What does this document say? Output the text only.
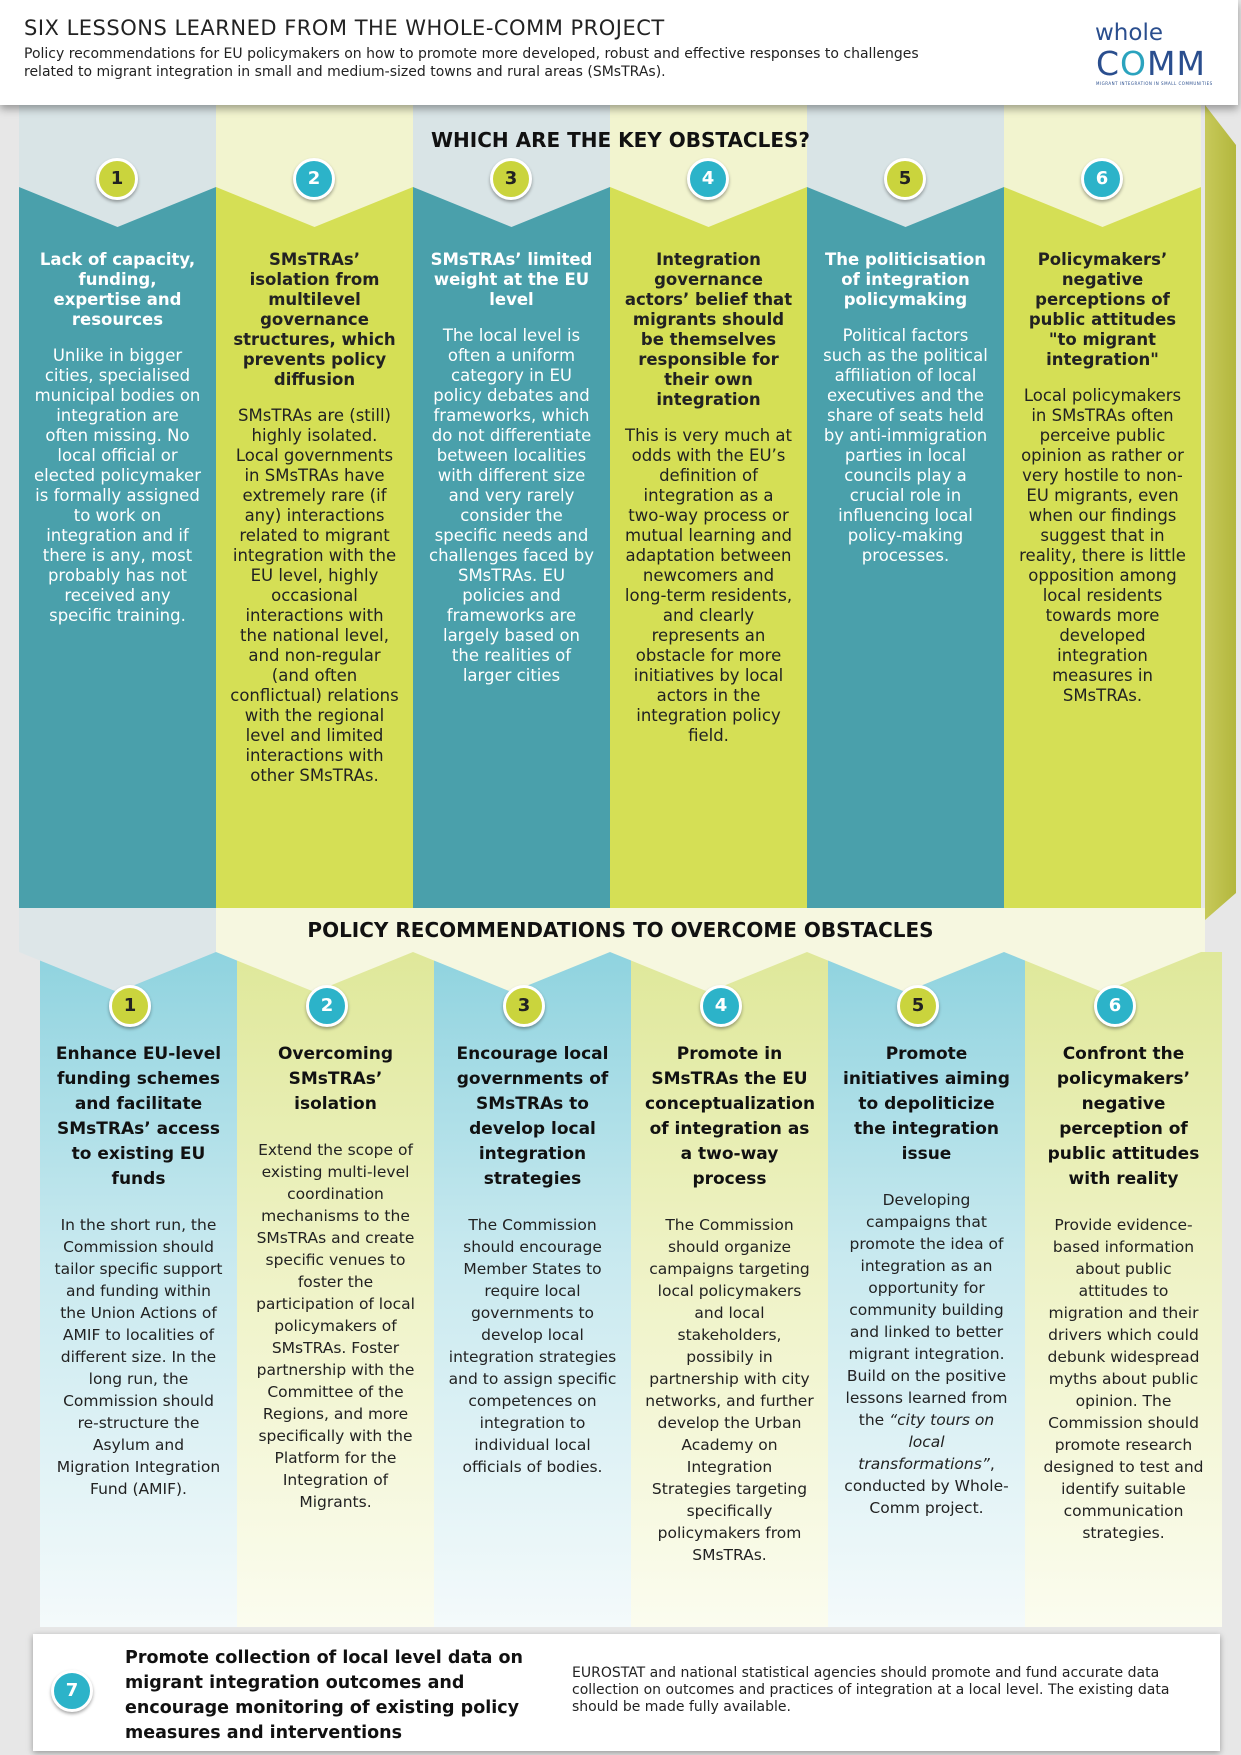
SIX LESSONS LEARNED FROM THE WHOLE-COMM PROJECT
Policy recommendations for EU policymakers on how to promote more developed, robust and effective responses to challenges related to migrant integration in small and medium-sized towns and rural areas (SMsTRAs).
whole
COMM
MIGRANT INTEGRATION IN SMALL COMMUNITIES
Lack of capacity, funding, expertise and resources
Unlike in bigger cities, specialised municipal bodies on integration are often missing. No local official or elected policymaker is formally assigned to work on integration and if there is any, most probably has not received any specific training.
SMsTRAs’ isolation from multilevel governance structures, which prevents policy diffusion
SMsTRAs are (still) highly isolated. Local governments in SMsTRAs have extremely rare (if any) interactions related to migrant integration with the EU level, highly occasional interactions with the national level, and non-regular (and often conflictual) relations with the regional level and limited interactions with other SMsTRAs.
SMsTRAs’ limited weight at the EU level
The local level is often a uniform category in EU policy debates and frameworks, which do not differentiate between localities with different size and very rarely consider the specific needs and challenges faced by SMsTRAs. EU policies and frameworks are largely based on the realities of larger cities
Integration governance actors’ belief that migrants should be themselves responsible for their own integration
This is very much at odds with the EU’s definition of integration as a two-way process or mutual learning and adaptation between newcomers and long-term residents, and clearly represents an obstacle for more initiatives by local actors in the integration policy field.
The politicisation of integration policymaking
Political factors such as the political affiliation of local executives and the share of seats held by anti-immigration parties in local councils play a crucial role in influencing local policy-making processes.
Policymakers’ negative perceptions of public attitudes "to migrant integration"
Local policymakers in SMsTRAs often perceive public opinion as rather or very hostile to non-EU migrants, even when our findings suggest that in reality, there is little opposition among local residents towards more developed integration measures in SMsTRAs.
WHICH ARE THE KEY OBSTACLES?
1	2	3	4	5	6
POLICY RECOMMENDATIONS TO OVERCOME OBSTACLES
Enhance EU-level funding schemes and facilitate SMsTRAs’ access to existing EU funds
In the short run, the Commission should tailor specific support and funding within the Union Actions of AMIF to localities of different size. In the long run, the Commission should re-structure the Asylum and Migration Integration Fund (AMIF).
Overcoming SMsTRAs’ isolation
Extend the scope of existing multi-level coordination mechanisms to the SMsTRAs and create specific venues to foster the participation of local policymakers of SMsTRAs. Foster partnership with the Committee of the Regions, and more specifically with the Platform for the Integration of Migrants.
Encourage local governments of SMsTRAs to develop local integration strategies
The Commission should encourage Member States to require local governments to develop local integration strategies and to assign specific competences on integration to individual local officials of bodies.
Promote in SMsTRAs the EU conceptualization of integration as a two-way process
The Commission should organize campaigns targeting local policymakers and local stakeholders, possibily in partnership with city networks, and further develop the Urban Academy on Integration Strategies targeting specifically policymakers from SMsTRAs.
Promote initiatives aiming to depoliticize the integration issue
Developing campaigns that promote the idea of integration as an opportunity for community building and linked to better migrant integration. Build on the positive lessons learned from the “city tours on local transformations”, conducted by Whole-Comm project.
Confront the policymakers’ negative perception of public attitudes with reality
Provide evidence-based information about public attitudes to migration and their drivers which could debunk widespread myths about public opinion. The Commission should promote research designed to test and identify suitable communication strategies.
1	2	3	4	5	6
7
Promote collection of local level data on migrant integration outcomes and encourage monitoring of existing policy measures and interventions
EUROSTAT and national statistical agencies should promote and fund accurate data collection on outcomes and practices of integration at a local level. The existing data should be made fully available.
